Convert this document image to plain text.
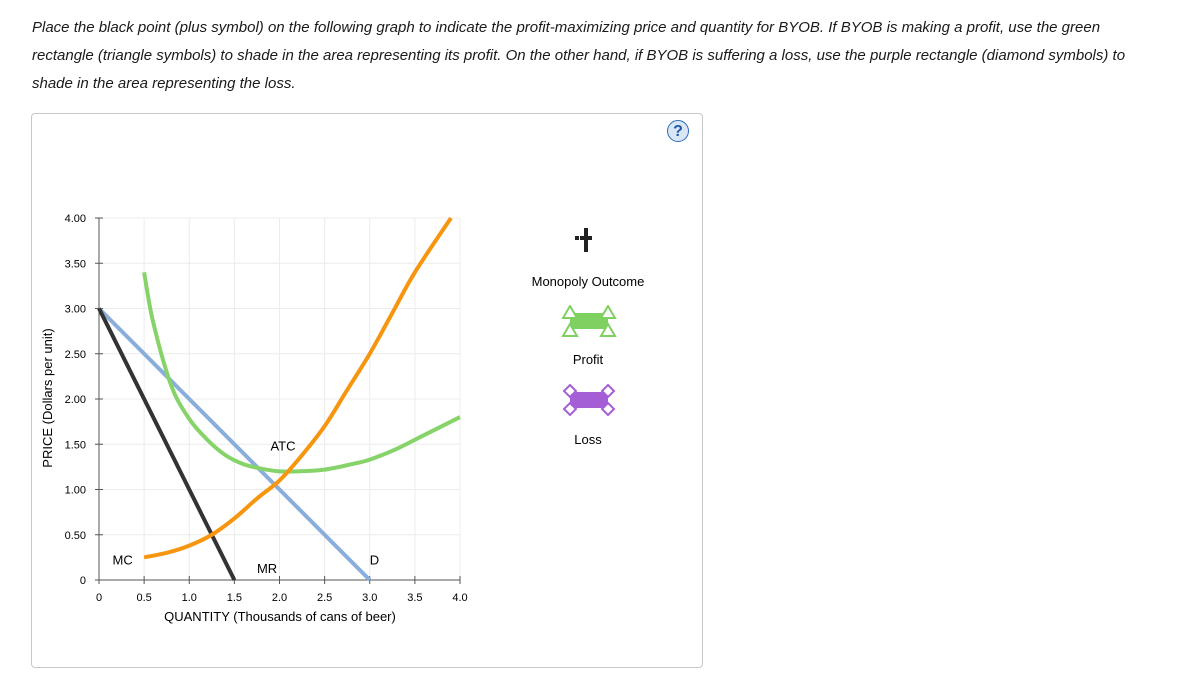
Place the black point (plus symbol) on the following graph to indicate the profit-maximizing price and quantity for BYOB. If BYOB is making a profit, use the green rectangle (triangle symbols) to shade in the area representing its profit. On the other hand, if BYOB is suffering a loss, use the purple rectangle (diamond symbols) to shade in the area representing the loss.

?
0	0.5	1.0	1.5	2.0	2.5	3.0	3.5	4.0
0
0.50
1.00
1.50
2.00
2.50
3.00
3.50
4.00
ATC
MR
D
MC
QUANTITY (Thousands of cans of beer)
PRICE (Dollars per unit)
Monopoly Outcome
Profit
Loss
